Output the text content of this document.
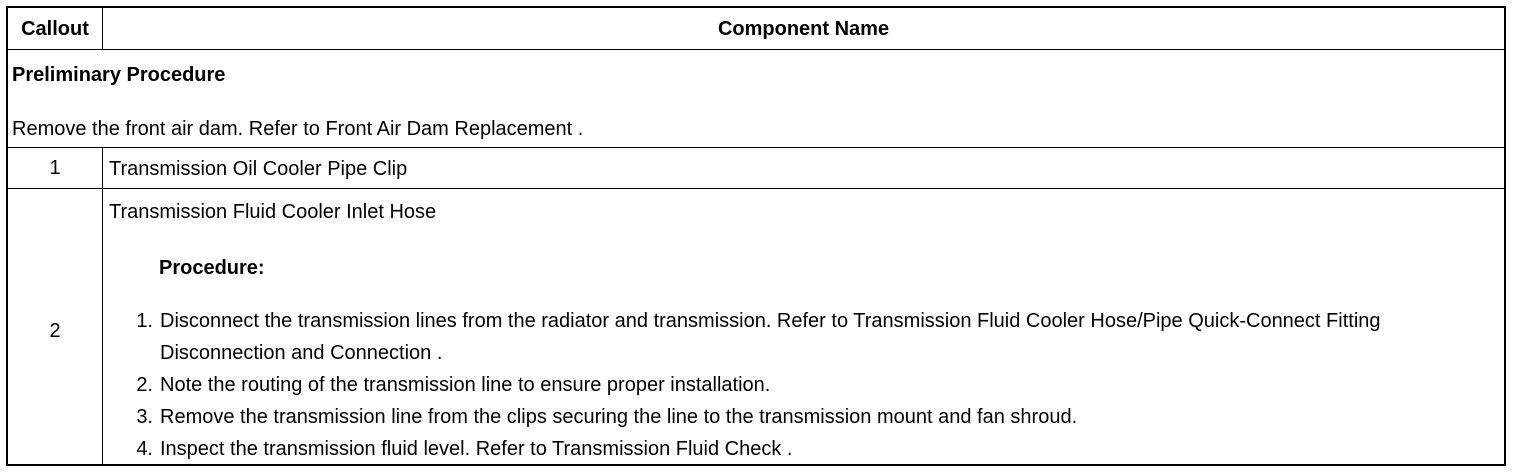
Callout	Component Name
Preliminary Procedure
Remove the front air dam. Refer to Front Air Dam Replacement .
1	Transmission Oil Cooler Pipe Clip
2
Transmission Fluid Cooler Inlet Hose
Procedure:
1. Disconnect the transmission lines from the radiator and transmission. Refer to Transmission Fluid Cooler Hose/Pipe Quick-Connect Fitting Disconnection and Connection .
2. Note the routing of the transmission line to ensure proper installation.
3. Remove the transmission line from the clips securing the line to the transmission mount and fan shroud.
4. Inspect the transmission fluid level. Refer to Transmission Fluid Check .
